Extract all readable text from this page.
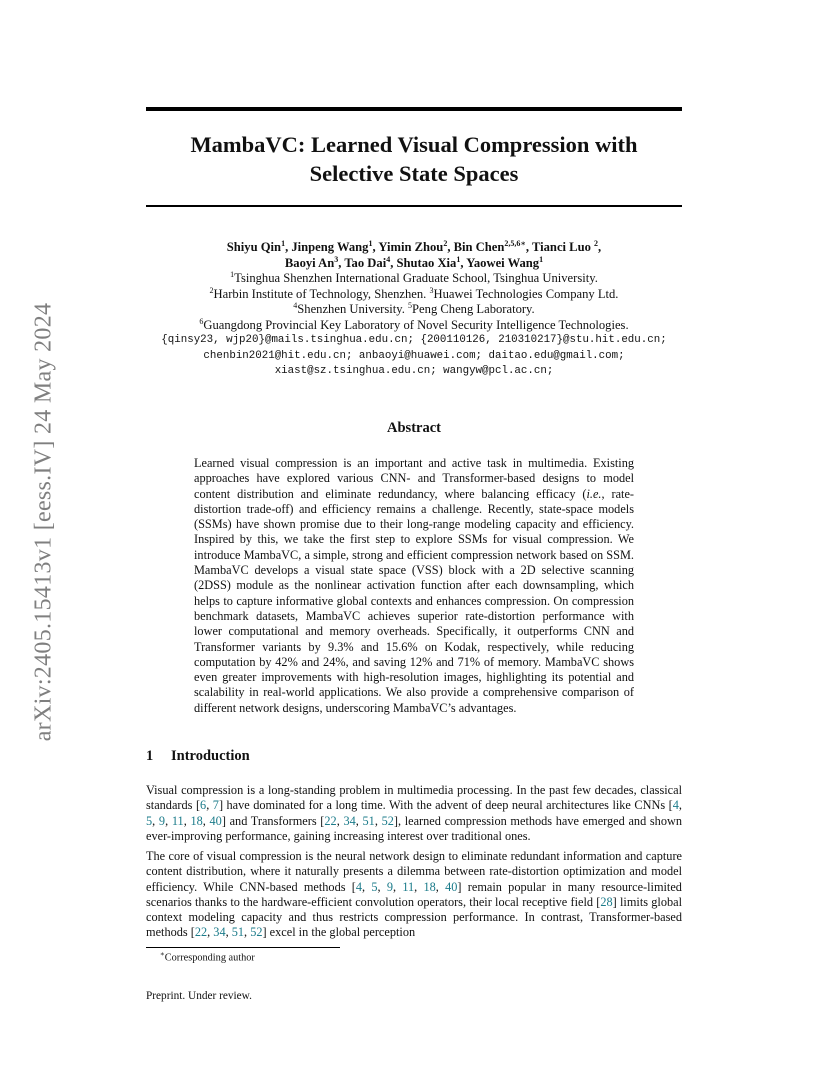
arXiv:2405.15413v1 [eess.IV] 24 May 2024
MambaVC: Learned Visual Compression with
Selective State Spaces
Shiyu Qin$^1$, Jinpeng Wang$^1$, Yimin Zhou$^2$, Bin Chen$^{2,5,6∗}$, Tianci Luo $^2$,
Baoyi An$^3$, Tao Dai$^4$, Shutao Xia$^1$, Yaowei Wang$^1$
$^1$Tsinghua Shenzhen International Graduate School, Tsinghua University.
$^2$Harbin Institute of Technology, Shenzhen. $^3$Huawei Technologies Company Ltd.
$^4$Shenzhen University. $^5$Peng Cheng Laboratory.
$^6$Guangdong Provincial Key Laboratory of Novel Security Intelligence Technologies.
{qinsy23, wjp20}@mails.tsinghua.edu.cn; {200110126, 210310217}@stu.hit.edu.cn;
chenbin2021@hit.edu.cn; anbaoyi@huawei.com; daitao.edu@gmail.com;
xiast@sz.tsinghua.edu.cn; wangyw@pcl.ac.cn;
Abstract
Learned visual compression is an important and active task in multimedia. Existing approaches have explored various CNN- and Transformer-based designs to model content distribution and eliminate redundancy, where balancing efficacy (i.e., rate-distortion trade-off) and efficiency remains a challenge. Recently, state-space models (SSMs) have shown promise due to their long-range modeling capacity and efficiency. Inspired by this, we take the first step to explore SSMs for visual compression. We introduce MambaVC, a simple, strong and efficient compression network based on SSM. MambaVC develops a visual state space (VSS) block with a 2D selective scanning (2DSS) module as the nonlinear activation function after each downsampling, which helps to capture informative global contexts and enhances compression. On compression benchmark datasets, MambaVC achieves superior rate-distortion performance with lower computational and memory overheads. Specifically, it outperforms CNN and Transformer variants by 9.3% and 15.6% on Kodak, respectively, while reducing computation by 42% and 24%, and saving 12% and 71% of memory. MambaVC shows even greater improvements with high-resolution images, highlighting its potential and scalability in real-world applications. We also provide a comprehensive comparison of different network designs, underscoring MambaVC’s advantages.
1 Introduction
Visual compression is a long-standing problem in multimedia processing. In the past few decades, classical standards [6, 7] have dominated for a long time. With the advent of deep neural architectures like CNNs [4, 5, 9, 11, 18, 40] and Transformers [22, 34, 51, 52], learned compression methods have emerged and shown ever-improving performance, gaining increasing interest over traditional ones.
The core of visual compression is the neural network design to eliminate redundant information and capture content distribution, where it naturally presents a dilemma between rate-distortion optimization and model efficiency. While CNN-based methods [4, 5, 9, 11, 18, 40] remain popular in many resource-limited scenarios thanks to the hardware-efficient convolution operators, their local receptive field [28] limits global context modeling capacity and thus restricts compression performance. In contrast, Transformer-based methods [22, 34, 51, 52] excel in the global perception
∗Corresponding author
Preprint. Under review.
